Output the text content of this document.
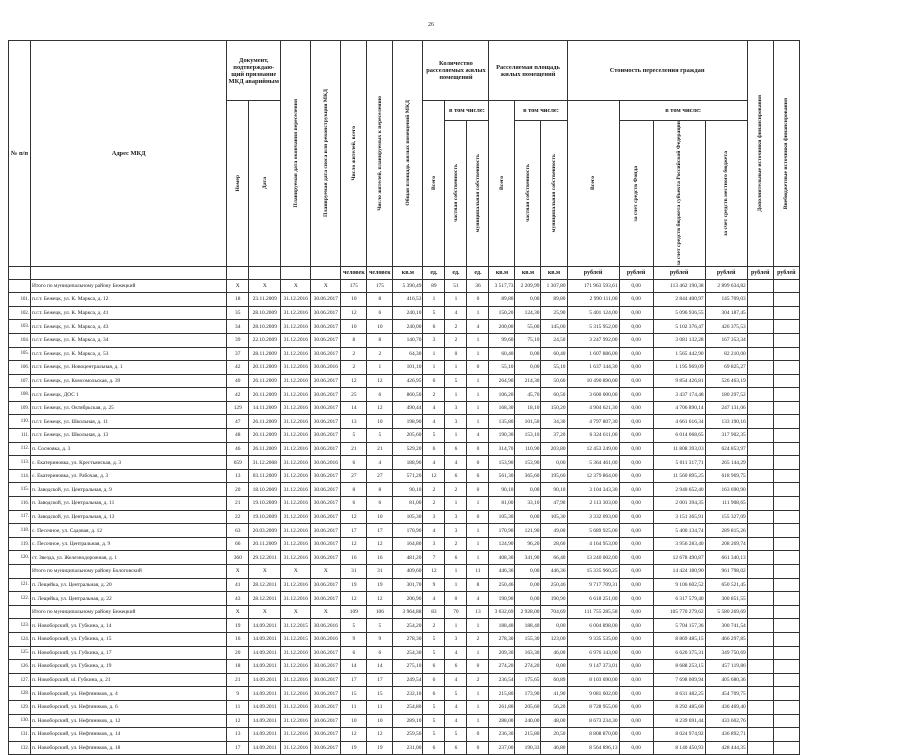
26
№ п/п	Адрес МКД	Документ, подтверждаю-щий признание МКД аварийным		Планируемая дата окончания переселения	Планируемая дата сноса или реконструкции МКД	Число жителей, всего	Число жителей, планируемых к переселению	Общая площадь жилых помещений МКД	Количество расселяемых жилых помещений			Расселяемая площадь жилых помещений			Стоимость переселения граждан				Дополнительные источники финансирования	Внебюджетные источники финансирования

		Номер	Дата						Всего	в том числе:		Всего	в том числе:		Всего	в том числе:				

										частная собственность	муниципальная собственность		частная собственность	муниципальная собственность		за счет средств Фонда	за счет средств бюджета субъекта Российской Федерации	за счет средств местного бюджета		

						человек	человек	кв.м	ед.	ед.	ед.	кв.м	кв.м	кв.м	рублей	рублей	рублей	рублей	рублей	рублей
	Итого по муниципальному району Бежецкий	X	X	X	X	175	175	5 390,49	89	51	36	3 517,73	2 209,99	1 307,80	171 963 593,61	0,00	113 462 190,38	2 899 634,82		
101.	п.г.т. Бежецк, ул. К. Маркса, д. 12	18	23.11.2009	31.12.2016	30.06.2017	10	8	416,53	1	1	0	89,80	0,00	89,80	2 990 111,00	0,00	2 844 400,97	145 709,03		
102.	п.г.т. Бежецк, ул. К. Маркса, д. 41	35	28.10.2009	31.12.2016	30.06.2017	12	6	240,10	5	4	1	150,20	124,30	25,90	5 401 124,00	0,00	5 096 936,55	304 187,45		
103.	п.г.т. Бежецк, ул. К. Маркса, д. 43	34	28.10.2009	31.12.2016	30.06.2017	10	10	240,00	6	2	4	200,00	55,00	145,00	5 315 952,00	0,00	5 102 376,47	426 375,53		
104.	п.г.т. Бежецк, ул. К. Маркса, д. 34	39	22.10.2009	31.12.2016	30.06.2017	8	8	140,70	3	2	1	99,60	75,10	24,50	3 247 992,00	0,00	3 081 132,28	167 353,34		
105.	п.г.т. Бежецк, ул. К. Маркса, д. 53	37	28.11.2009	31.12.2016	30.06.2017	2	2	64,30	1	0	1	60,40	0,00	60,40	1 607 886,00	0,00	1 565 442,90	82 210,00		
106.	п.г.т. Бежецк, ул. Новоцентральная, д. 1	42	20.11.2009	31.12.2016	30.06.2016	2	1	101,10	1	1	0	55,10	0,00	55,10	1 637 144,30	0,00	1 195 969,09	69 825,27		
107.	п.г.т. Бежецк, ул. Комсомольская, д. 39	40	26.11.2009	31.12.2016	30.06.2017	12	12	426,95	6	5	1	264,90	214,30	50,60	10 490 890,00	0,00	9 854 426,81	526 463,19		
108.	п.г.т. Бежецк, ДОС 1	42	20.11.2009	31.12.2016	30.06.2017	25	6	860,50	2	1	1	106,20	45,70	60,50	3 600 000,00	0,00	3 437 174,48	180 297,52		
109.	п.г.т. Бежецк, ул. Октябрьская, д. 25	129	14.11.2009	31.12.2016	30.06.2017	14	12	490,44	4	3	1	168,30	18,10	150,20	4 904 621,30	0,00	4 706 890,14	247 131,06		
110.	п.г.т. Бежецк, ул. Школьная, д. 11	47	26.11.2009	31.12.2016	30.06.2017	13	10	198,90	4	3	1	135,80	101,50	34,30	4 797 807,30	0,00	4 661 616,34	133 190,16		
111.	п.г.т. Бежецк, ул. Школьная, д. 13	48	20.11.2009	31.12.2016	30.06.2017	5	5	205,60	5	1	4	190,30	153,10	37,20	6 324 611,00	0,00	6 014 068,65	317 902,35		
112.	п. Сосновка, д. 3	46	26.11.2009	31.12.2016	30.06.2017	21	21	529,20	6	6	0	314,70	110,90	203,80	12 453 249,00	0,00	11 808 393,03	624 853,97		
113.	с. Екатериновка, ул. Крестьянская, д. 3	659	31.12.2008	31.12.2016	30.06.2016	6	4	188,90	4	4	0	153,90	153,90	0,00	5 364 461,00	0,00	5 011 317,71	265 144,29		
114.	с. Екатериновка, ул. Рабочая, д. 3	13	03.11.2009	31.12.2016	30.06.2017	27	27	571,20	12	6	6	561,30	365,60	195,60	12 379 864,00	0,00	11 560 895,25	618 969,75		
115.	п. Заводской, ул. Центральная, д. 9	20	18.10.2009	31.12.2016	30.06.2017	8	8	90,10	2	2	0	90,10	0,00	90,10	3 104 343,30	0,00	2 940 652,40	163 690,90		
116.	п. Заводской, ул. Центральная, д. 11	21	19.10.2009	31.12.2016	30.06.2017	6	6	81,00	2	1	1	81,00	33,10	47,90	2 113 303,00	0,00	2 001 394,35	111 908,65		
117.	п. Заводской, ул. Центральная, д. 13	22	19.10.2009	31.12.2016	30.06.2017	12	10	105,30	3	3	0	105,30	0,00	105,30	3 332 093,00	0,00	3 151 365,91	155 327,09		
118.	с. Песочное, ул. Садовая, д. 12	63	20.03.2009	31.12.2016	30.06.2017	17	17	170,90	4	3	1	170,90	121,90	49,00	5 689 925,00	0,00	5 400 134,74	289 815,26		
119.	с. Песочное, ул. Центральная, д. 9	66	20.11.2009	31.12.2016	30.06.2017	12	12	164,80	3	2	1	124,90	96,20	28,60	4 164 953,00	0,00	3 956 283,40	208 269,74		
120.	ст. Звезда, ул. Железнодорожная, д. 1	360	29.12.2011	31.12.2016	30.06.2017	16	16	481,20	7	6	1	408,30	341,90	66,40	13 240 002,00	0,00	12 678 490,87	661 340,13		
	Итого по муниципальному району Бологовский	X	X	X	X	31	31	409,60	12	1	11	446,36	0,00	446,36	15 335 960,25	0,00	14 424 180,90	961 798,02		
121.	п. Лещейка, ул. Центральная, д. 20	41	28.12.2011	31.12.2016	30.06.2017	19	19	301,70	9	1	8	250,46	0,00	250,46	9 717 709,31	0,00	9 106 602,52	650 521,45		
122.	п. Лещейка, ул. Центральная, д. 22	43	28.12.2011	31.12.2016	30.06.2017	12	12	206,90	4	0	4	190,90	0,00	190,90	6 618 251,00	0,00	6 317 579,40	300 851,55		
	Итого по муниципальному району Бежецкий	X	X	X	X	109	106	3 964,88	83	70	13	3 632,69	2 928,00	704,69	111 755 285,58	0,00	105 770 279,62	5 580 269,69		
123.	п. Новоборский, ул. Губкина, д. 14	19	14.09.2011	31.12.2015	30.06.2016	5	5	254,20	2	1	1	188,40	188,40	0,00	6 004 898,00	0,00	5 704 157,36	300 741,54		
124.	п. Новоборский, ул. Губкина, д. 15	16	14.09.2011	31.12.2015	30.06.2016	9	9	278,30	5	3	2	278,30	155,30	123,00	9 335 535,00	0,00	8 869 485,15	466 297,85		
125.	п. Новоборский, ул. Губкина, д. 17	20	14.09.2011	31.12.2016	30.06.2017	6	6	254,30	5	4	1	209,30	163,30	46,00	6 976 143,00	0,00	6 626 375,31	349 750,69		
126.	п. Новоборский, ул. Губкина, д. 19	18	14.09.2011	31.12.2016	30.06.2017	14	14	275,10	6	6	0	274,20	274,20	0,00	9 147 373,01	0,00	8 688 253,15	457 119,86		
127.	п. Новоборский, ul. Губкина, д. 21	21	14.09.2011	31.12.2016	30.06.2017	17	17	249,54	6	4	2	236,54	175,65	60,89	8 103 690,00	0,00	7 698 009,94	405 680,36		
128.	п. Новоборский, ул. Нефтяников, д. 4	9	14.09.2011	31.12.2016	30.06.2017	15	15	232,10	6	5	1	215,80	173,90	41,90	9 081 602,00	0,00	8 631 482,25	454 709,75		
129.	п. Новоборский, ул. Нефтяников, д. 6	11	14.09.2011	31.12.2016	30.06.2017	11	11	254,80	5	4	1	261,80	205,60	56,20	8 728 955,00	0,00	8 292 485,60	436 469,40		
130.	п. Новоборский, ул. Нефтяников, д. 12	12	14.09.2011	31.12.2016	30.06.2017	10	10	289,10	5	4	1	288,00	240,00	48,00	8 673 234,30	0,00	8 239 691,44	433 602,76		
131.	п. Новоборский, ул. Нефтяников, д. 14	13	14.09.2011	31.12.2016	30.06.2017	12	12	259,56	5	5	0	236,30	215,80	20,50	8 808 870,00	0,00	8 024 974,92	436 892,71		
132.	п. Новоборский, ул. Нефтяников, д. 18	17	14.09.2011	31.12.2016	30.06.2017	19	19	231,00	6	6	0	237,00	190,33	46,80	8 564 896,13	0,00	8 140 450,93	428 444,35		
